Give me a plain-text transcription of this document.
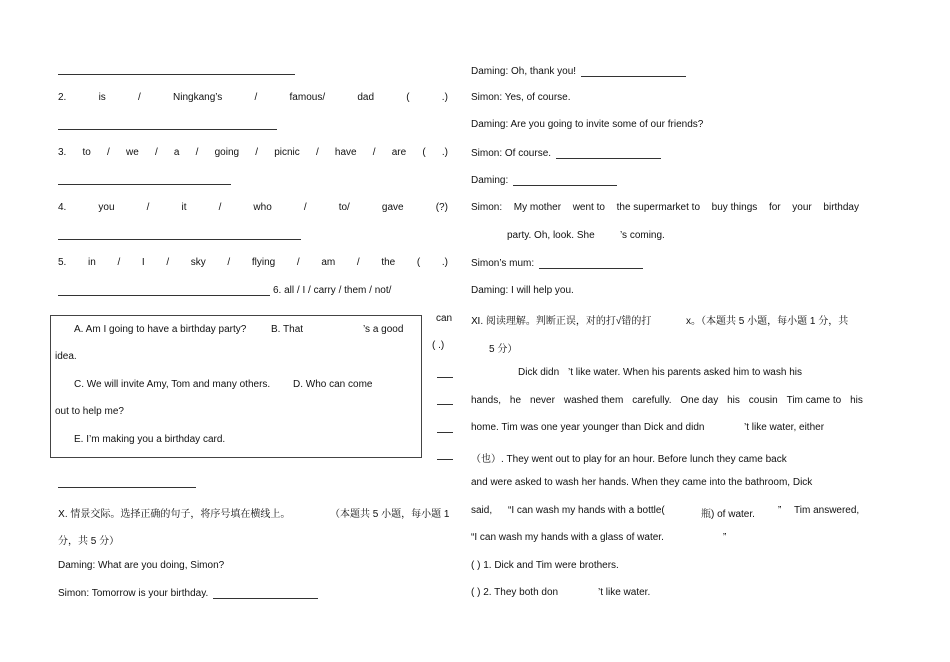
2.	is	/	Ningkang’s	/	famous/	dad	(	.)
3. to / we / a / going / picnic / have / are ( .)
4.	you	/	it	/	who	/	to/	gave	(?)
5. in / I / sky / flying / am / the ( .)
6. all / I / carry / them / not/
can
( .)
A. Am I going to have a birthday party? B. That	’s a good
idea.
C. We will invite Amy, Tom and many others. D. Who can come
out to help me?
E. I’m making you a birthday card.
Ⅹ. 情景交际。选择正确的句子，将序号填在横线上。	（本题共 5 小题，每小题 1
分，共 5 分）
Daming: What are you doing, Simon?
Simon: Tomorrow is your birthday.
Daming: Oh, thank you!
Simon: Yes, of course.
Daming: Are you going to invite some of our friends?
Simon: Of course.
Daming:
Simon: My mother went to the supermarket to buy things for your birthday
party. Oh, look. She	’s coming.
Simon’s mum:
Daming: I will help you.
Ⅺ. 阅读理解。判断正误，对的打√错的打	x。（本题共 5 小题，每小题 1 分，共
5 分）
Dick didn ’t like water. When his parents asked him to wash his
hands, he never washed them carefully. One day his cousin Tim came to his
home. Tim was one year younger than Dick and didn	’t like water, either
（也）. They went out to play for an hour. Before lunch they came back
and were asked to wash her hands. When they came into the bathroom, Dick
said, “I can wash my hands with a bottle(	瓶) of water. ” Tim answered,
“I can wash my hands with a glass of water.	”
( ) 1. Dick and Tim were brothers.
( ) 2. They both don	’t like water.
